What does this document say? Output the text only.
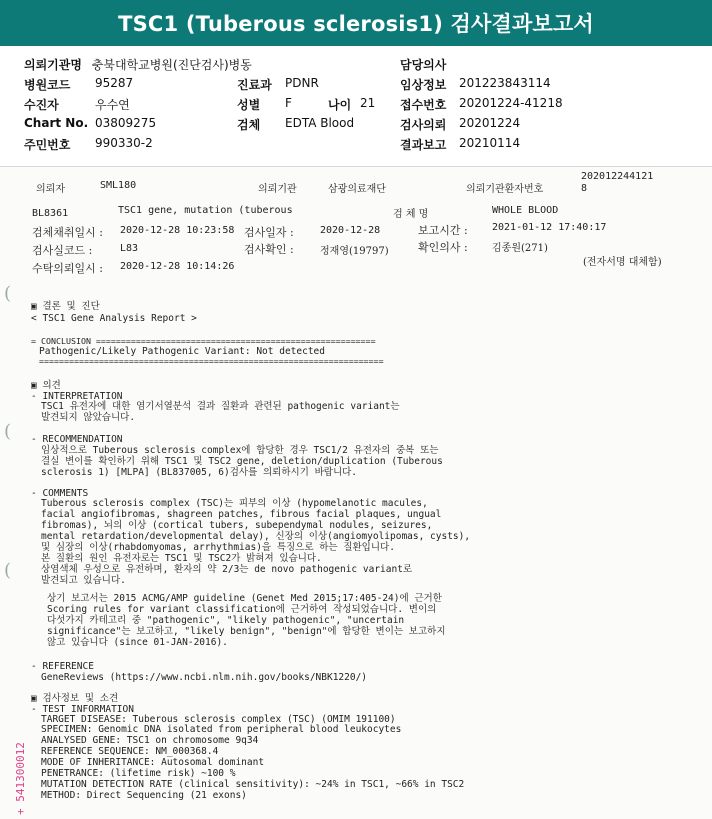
TSC1 (Tuberous sclerosis1) 검사결과보고서
의뢰기관명 충북대학교병원(진단검사)병동	담당의사
병원코드 95287	진료과 PDNR	임상정보 201223843114
수진자	우수연	성별 F	나이 21 접수번호 20201224-41218
Chart No. 03809275	검체 EDTA Blood	검사의뢰 20201224
주민번호 990330-2	결과보고 20210114
의뢰자	SML180	의뢰기관	삼광의료재단	의뢰기관환자번호
202012244121
8
BL8361	TSC1 gene, mutation (tuberous	검 체 명	WHOLE BLOOD
검체채취일시 : 2020-12-28 10:23:58 검사일자 :	2020-12-28	보고시간 : 2021-01-12 17:40:17
검사실코드 :	L83	검사확인 :	정재영(19797)	확인의사 : 김종원(271)
수탁의뢰일시 : 2020-12-28 10:14:26	(전자서명 대체함)
(
(
(
▣ 결론 및 진단
< TSC1 Gene Analysis Report >
= CONCLUSION ========================================================
Pathogenic/Likely Pathogenic Variant: Not detected
=====================================================================
▣ 의견
- INTERPRETATION
TSC1 유전자에 대한 염기서열분석 결과 질환과 관련된 pathogenic variant는
발견되지 않았습니다.
- RECOMMENDATION
임상적으로 Tuberous sclerosis complex에 합당한 경우 TSC1/2 유전자의 중복 또는
결실 변이를 확인하기 위해 TSC1 및 TSC2 gene, deletion/duplication (Tuberous
sclerosis 1) [MLPA] (BL837005, 6)검사를 의뢰하시기 바랍니다.
- COMMENTS
Tuberous sclerosis complex (TSC)는 피부의 이상 (hypomelanotic macules,
facial angiofibromas, shagreen patches, fibrous facial plaques, ungual
fibromas), 뇌의 이상 (cortical tubers, subependymal nodules, seizures,
mental retardation/developmental delay), 신장의 이상(angiomyolipomas, cysts),
및 심장의 이상(rhabdomyomas, arrhythmias)을 특징으로 하는 질환입니다.
본 질환의 원인 유전자로는 TSC1 및 TSC2가 밝혀져 있습니다.
상염색체 우성으로 유전하며, 환자의 약 2/3는 de novo pathogenic variant로
발견되고 있습니다.
상기 보고서는 2015 ACMG/AMP guideline (Genet Med 2015;17:405-24)에 근거한
Scoring rules for variant classification에 근거하여 작성되었습니다. 변이의
다섯가지 카테고리 중 "pathogenic", "likely pathogenic", "uncertain
significance"는 보고하고, "likely benign", "benign"에 합당한 변이는 보고하지
않고 있습니다 (since 01-JAN-2016).
- REFERENCE
GeneReviews (https://www.ncbi.nlm.nih.gov/books/NBK1220/)
▣ 검사정보 및 소견
- TEST INFORMATION
TARGET DISEASE: Tuberous sclerosis complex (TSC) (OMIM 191100)
SPECIMEN: Genomic DNA isolated from peripheral blood leukocytes
ANALYSED GENE: TSC1 on chromosome 9q34
REFERENCE SEQUENCE: NM_000368.4
MODE OF INHERITANCE: Autosomal dominant
PENETRANCE: (lifetime risk) ~100 %
MUTATION DETECTION RATE (clinical sensitivity): ~24% in TSC1, ~66% in TSC2
METHOD: Direct Sequencing (21 exons)
+ 541300012
